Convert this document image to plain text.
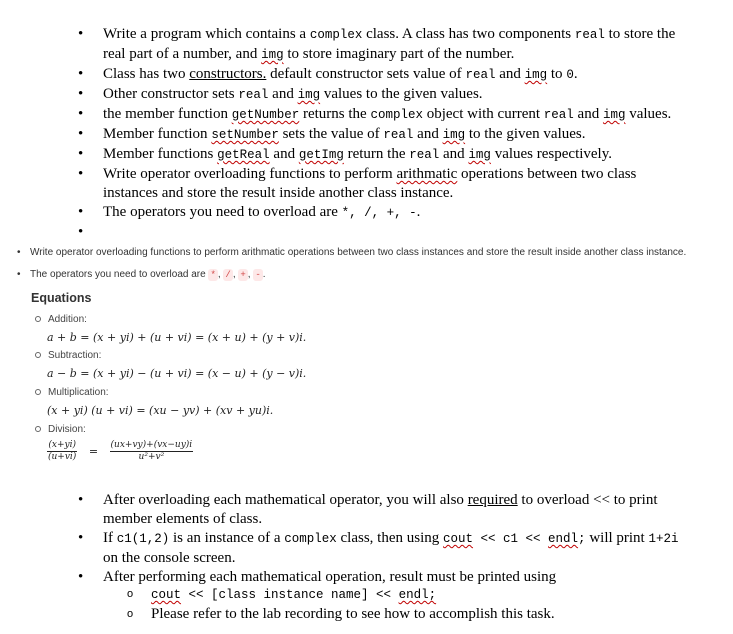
• Write a program which contains a complex class. A class has two components real to store the real part of a number, and img to store imaginary part of the number.
• Class has two constructors. default constructor sets value of real and img to 0.
• Other constructor sets real and img values to the given values.
• the member function getNumber returns the complex object with current real and img values.
• Member function setNumber sets the value of real and img to the given values.
• Member functions getReal and getImg return the real and img values respectively.
• Write operator overloading functions to perform arithmatic operations between two class instances and store the result inside another class instance.
• The operators you need to overload are *, /, +, -.
•
• Write operator overloading functions to perform arithmatic operations between two class instances and store the result inside another class instance.
• The operators you need to overload are * , / , + , - .
Equations
Addition:
a + b = (x + yi) + (u + vi) = (x + u) + (y + v)i.
Subtraction:
a − b = (x + yi) − (u + vi) = (x − u) + (y − v)i.
Multiplication:
(x + yi) (u + vi) = (xu − yv) + (xv + yu)i.
Division:
$\frac{(x+yi)}{(u+vi)} = \frac{(ux+vy)+(vx-uy)i}{\text{u²+v²}}$
• After overloading each mathematical operator, you will also required to overload << to print member elements of class.
• If c1(1,2) is an instance of a complex class, then using cout << c1 << endl; will print 1+2i on the console screen.
• After performing each mathematical operation, result must be printed using
o cout << [class instance name] << endl;
o Please refer to the lab recording to see how to accomplish this task.
